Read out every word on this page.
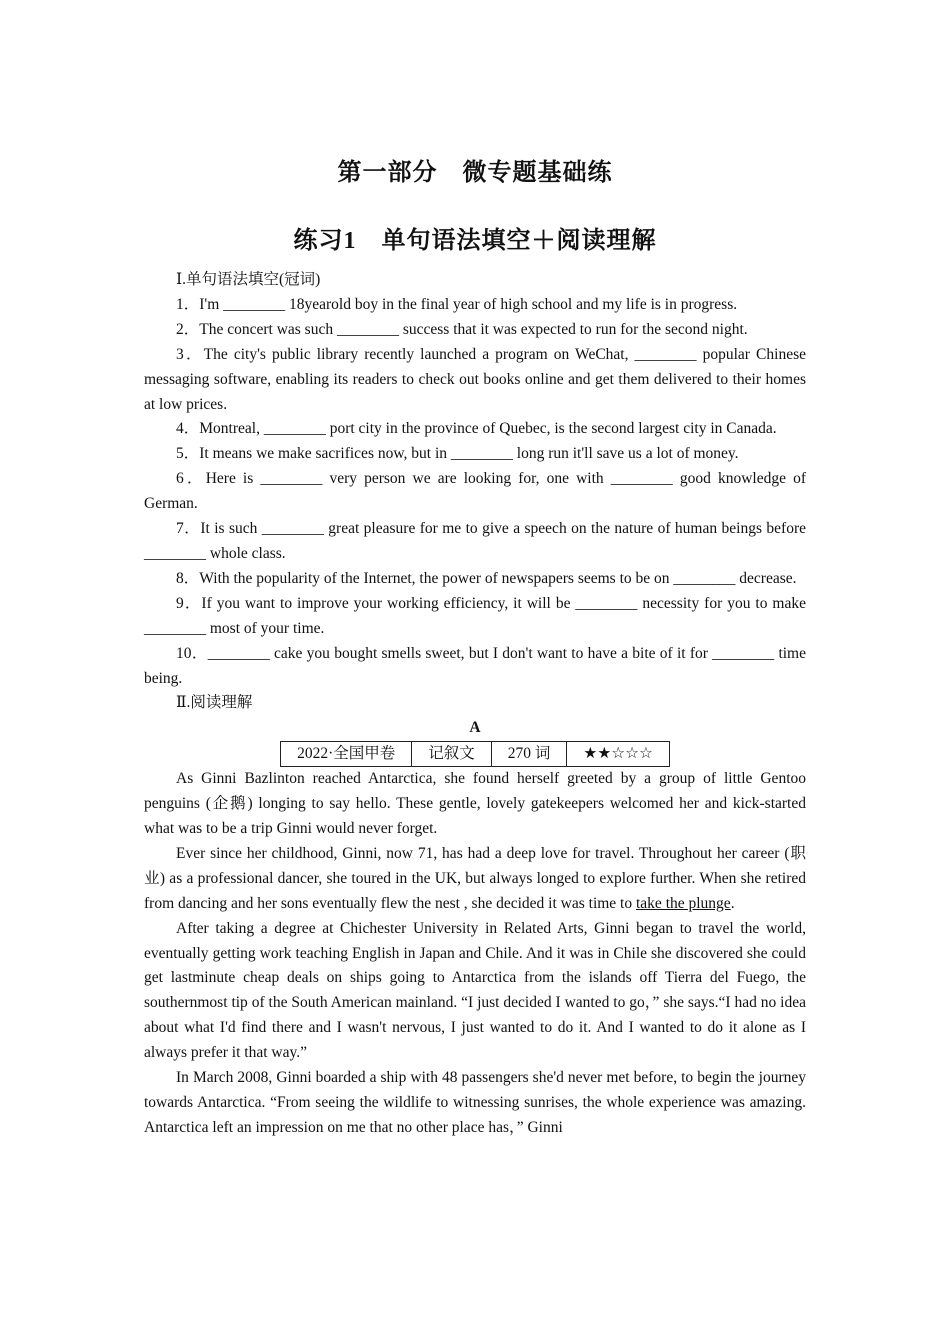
第一部分　微专题基础练
练习1　单句语法填空＋阅读理解

Ⅰ.单句语法填空(冠词)

1．I'm ________ 18yearold boy in the final year of high school and my life is in progress.

2．The concert was such ________ success that it was expected to run for the second night.

3．The city's public library recently launched a program on WeChat, ________ popular Chinese messaging software, enabling its readers to check out books online and get them delivered to their homes at low prices.

4．Montreal, ________ port city in the province of Quebec, is the second largest city in Canada.

5．It means we make sacrifices now, but in ________ long run it'll save us a lot of money.

6．Here is ________ very person we are looking for, one with ________ good knowledge of German.

7．It is such ________ great pleasure for me to give a speech on the nature of human beings before ________ whole class.

8．With the popularity of the Internet, the power of newspapers seems to be on ________ decrease.

9．If you want to improve your working efficiency, it will be ________ necessity for you to make ________ most of your time.

10．________ cake you bought smells sweet, but I don't want to have a bite of it for ________ time being.

Ⅱ.阅读理解

A

2022·全国甲卷	记叙文	270 词	★★☆☆☆

As Ginni Bazlinton reached Antarctica, she found herself greeted by a group of little Gentoo penguins (企鹅) longing to say hello. These gentle, lovely gatekeepers welcomed her and kick-started what was to be a trip Ginni would never forget.

Ever since her childhood, Ginni, now 71, has had a deep love for travel. Throughout her career (职业) as a professional dancer, she toured in the UK, but always longed to explore further. When she retired from dancing and her sons eventually flew the nest , she decided it was time to take the plunge.

After taking a degree at Chichester University in Related Arts, Ginni began to travel the world, eventually getting work teaching English in Japan and Chile. And it was in Chile she discovered she could get lastminute cheap deals on ships going to Antarctica from the islands off Tierra del Fuego, the southernmost tip of the South American mainland. “I just decided I wanted to go，” she says.“I had no idea about what I'd find there and I wasn't nervous, I just wanted to do it. And I wanted to do it alone as I always prefer it that way.”

In March 2008, Ginni boarded a ship with 48 passengers she'd never met before, to begin the journey towards Antarctica. “From seeing the wildlife to witnessing sunrises, the whole experience was amazing. Antarctica left an impression on me that no other place has，” Ginni
